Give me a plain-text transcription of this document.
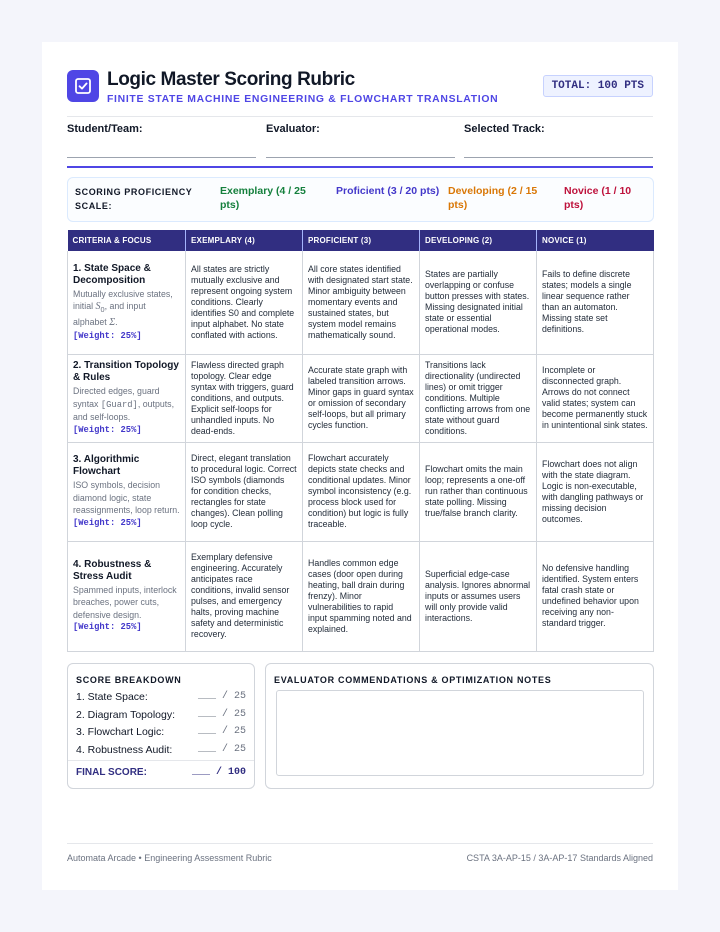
Logic Master Scoring Rubric
FINITE STATE MACHINE ENGINEERING & FLOWCHART TRANSLATION
TOTAL: 100 PTS
Student/Team:	Evaluator:	Selected Track:
SCORING PROFICIENCY SCALE:
Exemplary (4 / 25 pts)
Proficient (3 / 20 pts) Developing (2 / 15 pts)
Novice (1 / 10 pts)
CRITERIA & FOCUS	EXEMPLARY (4)	PROFICIENT (3)	DEVELOPING (2)	NOVICE (1)

1. State Space & Decomposition
Mutually exclusive states, initial $S_0$, and input alphabet Σ.
[Weight: 25%]	All states are strictly mutually exclusive and represent ongoing system conditions. Clearly identifies S0 and complete input alphabet. No state conflated with actions.	All core states identified with designated start state. Minor ambiguity between momentary events and sustained states, but system model remains mathematically sound.	States are partially overlapping or confuse button presses with states. Missing designated initial state or essential operational modes.	Fails to define discrete states; models a single linear sequence rather than an automaton. Missing state set definitions.

2. Transition Topology & Rules
Directed edges, guard syntax [Guard], outputs, and self-loops.
[Weight: 25%]	Flawless directed graph topology. Clear edge syntax with triggers, guard conditions, and outputs. Explicit self-loops for unhandled inputs. No dead-ends.	Accurate state graph with labeled transition arrows. Minor gaps in guard syntax or omission of secondary self-loops, but all primary cycles function.	Transitions lack directionality (undirected lines) or omit trigger conditions. Multiple conflicting arrows from one state without guard conditions.	Incomplete or disconnected graph. Arrows do not connect valid states; system can become permanently stuck in unintentional sink states.

3. Algorithmic Flowchart
ISO symbols, decision diamond logic, state reassignments, loop return.
[Weight: 25%]	Direct, elegant translation to procedural logic. Correct ISO symbols (diamonds for condition checks, rectangles for state changes). Clean polling loop cycle.	Flowchart accurately depicts state checks and conditional updates. Minor symbol inconsistency (e.g. process block used for condition) but logic is fully traceable.	Flowchart omits the main loop; represents a one-off run rather than continuous state polling. Missing true/false branch clarity.	Flowchart does not align with the state diagram. Logic is non-executable, with dangling pathways or missing decision outcomes.

4. Robustness & Stress Audit
Spammed inputs, interlock breaches, power cuts, defensive design.
[Weight: 25%]	Exemplary defensive engineering. Accurately anticipates race conditions, invalid sensor pulses, and emergency halts, proving machine safety and deterministic recovery.	Handles common edge cases (door open during heating, ball drain during frenzy). Minor vulnerabilities to rapid input spamming noted and explained.	Superficial edge-case analysis. Ignores abnormal inputs or assumes users will only provide valid interactions.	No defensive handling identified. System enters fatal crash state or undefined behavior upon receiving any non-standard trigger.
SCORE BREAKDOWN
1. State Space:	___ / 25
2. Diagram Topology: ___ / 25
3. Flowchart Logic:	___ / 25
4. Robustness Audit:	___ / 25
FINAL SCORE:	___ / 100
EVALUATOR COMMENDATIONS & OPTIMIZATION NOTES
Automata Arcade • Engineering Assessment Rubric	CSTA 3A-AP-15 / 3A-AP-17 Standards Aligned
